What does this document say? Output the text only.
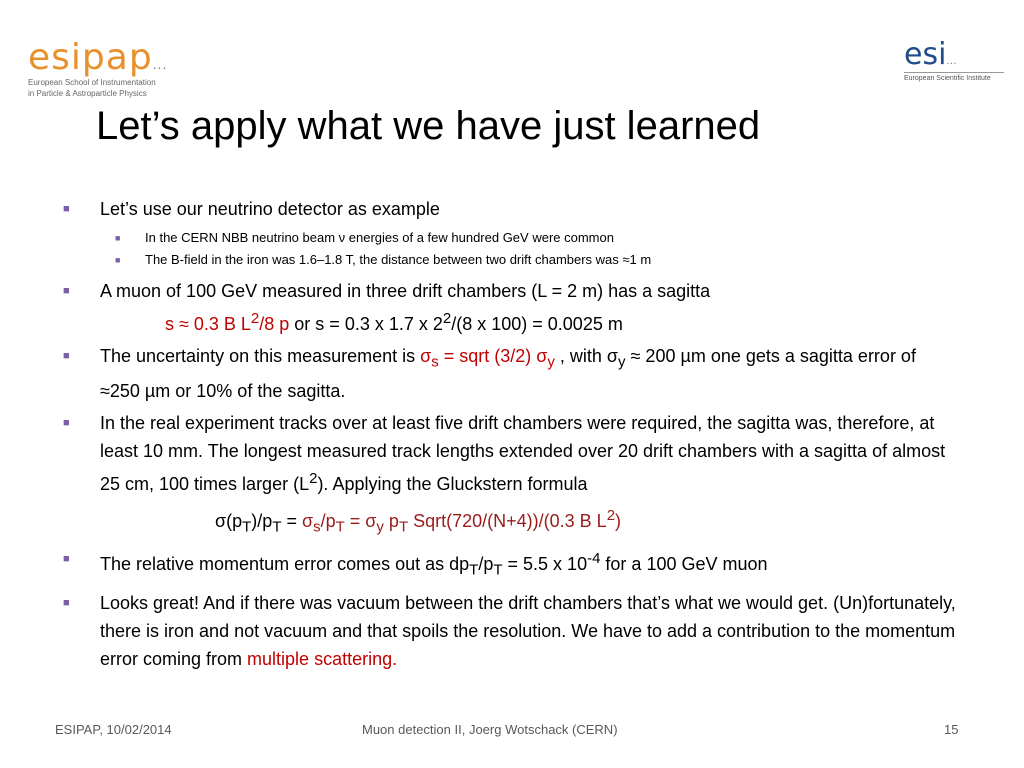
esipap...
European School of Instrumentation
in Particle & Astroparticle Physics
esi...
European Scientific Institute
Let’s apply what we have just learned
■ Let’s use our neutrino detector as example
■ In the CERN NBB neutrino beam ν energies of a few hundred GeV were common
■ The B-field in the iron was 1.6–1.8 T, the distance between two drift chambers was ≈1 m
■ A muon of 100 GeV measured in three drift chambers (L = 2 m) has a sagitta
s ≈ 0.3 B $L^2/8$ p or s = 0.3 x 1.7 x $2^2/(8$ x 100) = 0.0025 m
■ The uncertainty on this measurement is $\sigma_s$ = sqrt (3/2) $\sigma_y$ , with $\sigma_y \approx 200$ µm one gets a sagitta error of ≈250 µm or 10% of the sagitta.
■ In the real experiment tracks over at least five drift chambers were required, the sagitta was, therefore, at least 10 mm. The longest measured track lengths extended over 20 drift chambers with a sagitta of almost 25 cm, 100 times larger $(L^2)$. Applying the Gluckstern formula
$\sigma(p_T)/p_T = \sigma_s/p_T = \sigma_y$ $p_T$ Sqrt(720/(N+4))/(0.3 B $L^2$)
■ The relative momentum error comes out as $dp_T/p_T = 5.5$ x $10^{-4}$ for a 100 GeV muon
■ Looks great! And if there was vacuum between the drift chambers that’s what we would get. (Un)fortunately, there is iron and not vacuum and that spoils the resolution. We have to add a contribution to the momentum error coming from multiple scattering.
ESIPAP, 10/02/2014	Muon detection II, Joerg Wotschack (CERN)	15
